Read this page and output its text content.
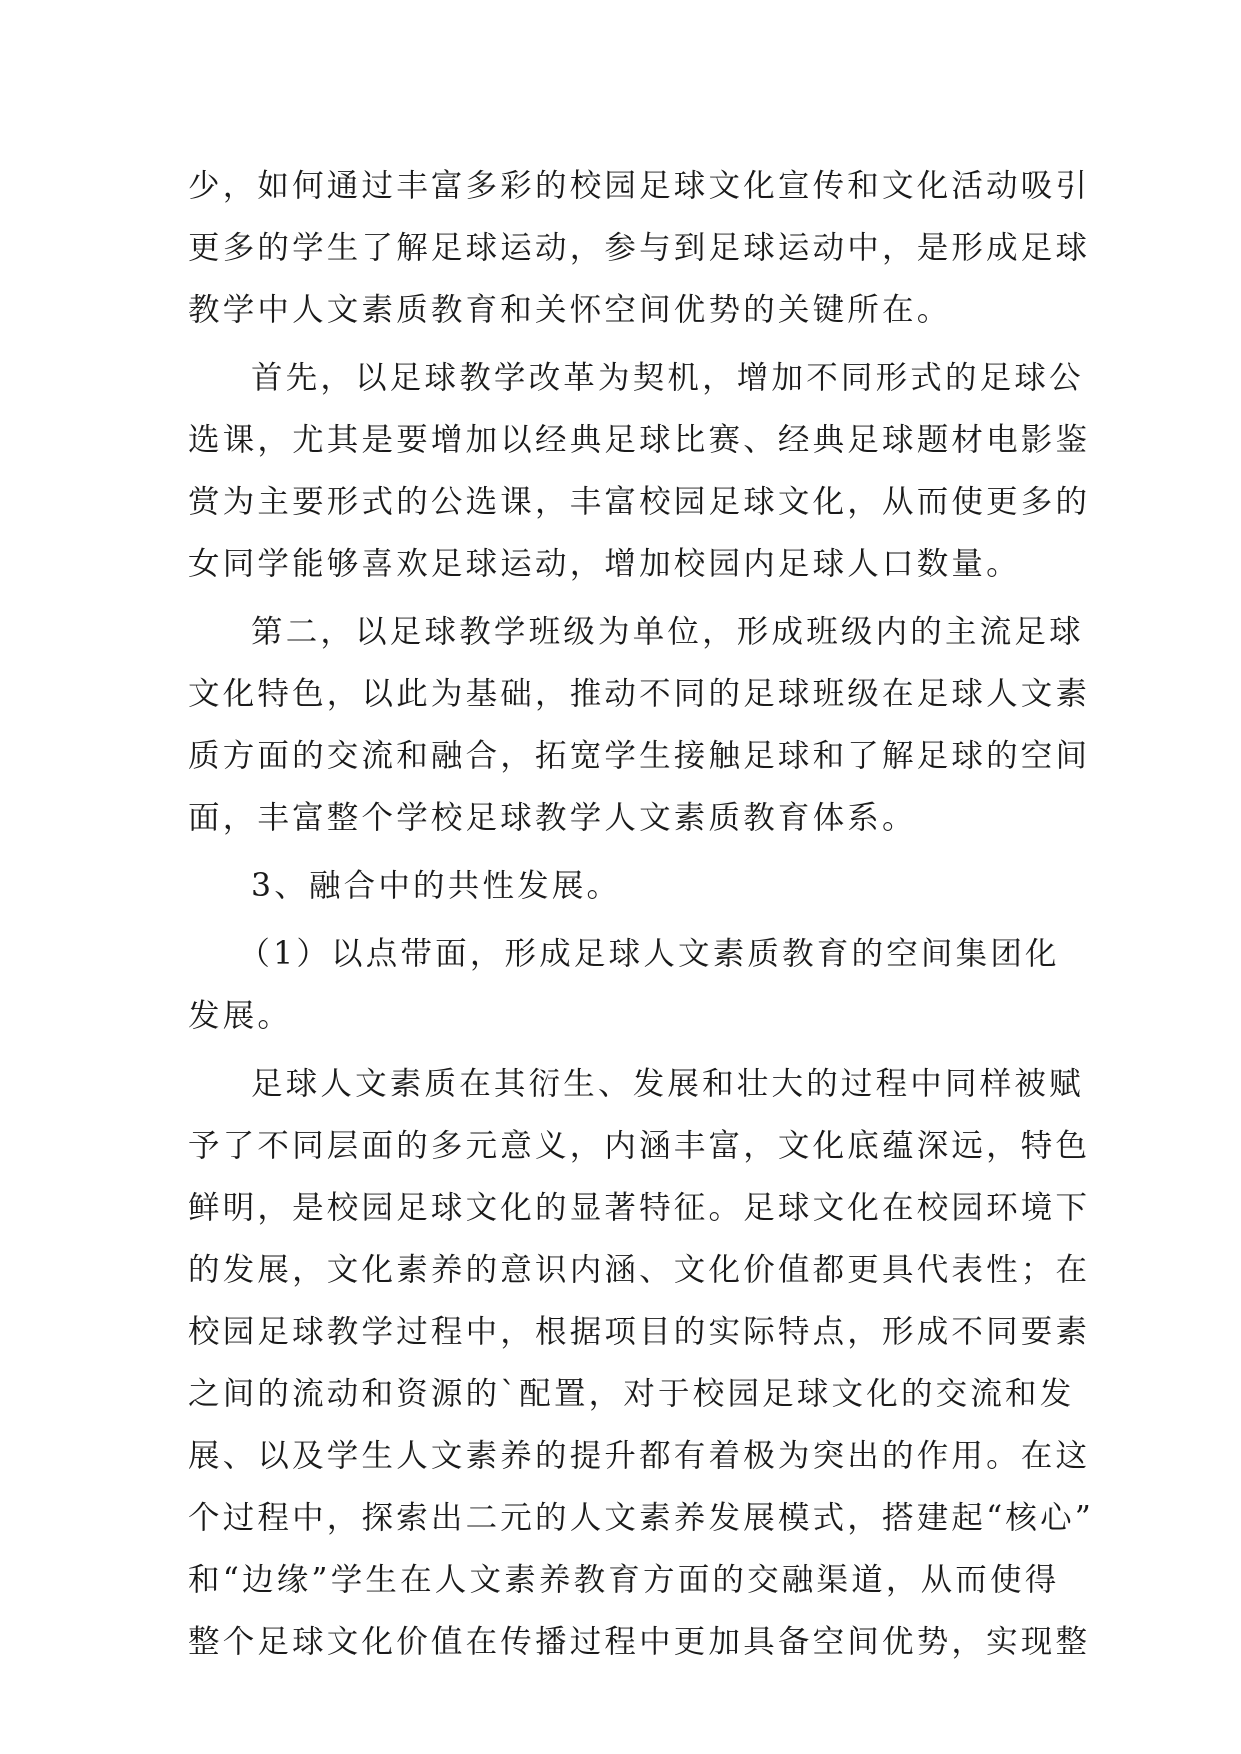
少，如何通过丰富多彩的校园足球文化宣传和文化活动吸引
更多的学生了解足球运动，参与到足球运动中，是形成足球
教学中人文素质教育和关怀空间优势的关键所在。
首先，以足球教学改革为契机，增加不同形式的足球公
选课，尤其是要增加以经典足球比赛、经典足球题材电影鉴
赏为主要形式的公选课，丰富校园足球文化，从而使更多的
女同学能够喜欢足球运动，增加校园内足球人口数量。
第二，以足球教学班级为单位，形成班级内的主流足球
文化特色，以此为基础，推动不同的足球班级在足球人文素
质方面的交流和融合，拓宽学生接触足球和了解足球的空间
面，丰富整个学校足球教学人文素质教育体系。
3、融合中的共性发展。
（1）以点带面，形成足球人文素质教育的空间集团化
发展。
足球人文素质在其衍生、发展和壮大的过程中同样被赋
予了不同层面的多元意义，内涵丰富，文化底蕴深远，特色
鲜明，是校园足球文化的显著特征。足球文化在校园环境下
的发展，文化素养的意识内涵、文化价值都更具代表性；在
校园足球教学过程中，根据项目的实际特点，形成不同要素
之间的流动和资源的`配置，对于校园足球文化的交流和发
展、以及学生人文素养的提升都有着极为突出的作用。在这
个过程中，探索出二元的人文素养发展模式，搭建起“核心”
和“边缘”学生在人文素养教育方面的交融渠道，从而使得
整个足球文化价值在传播过程中更加具备空间优势，实现整
